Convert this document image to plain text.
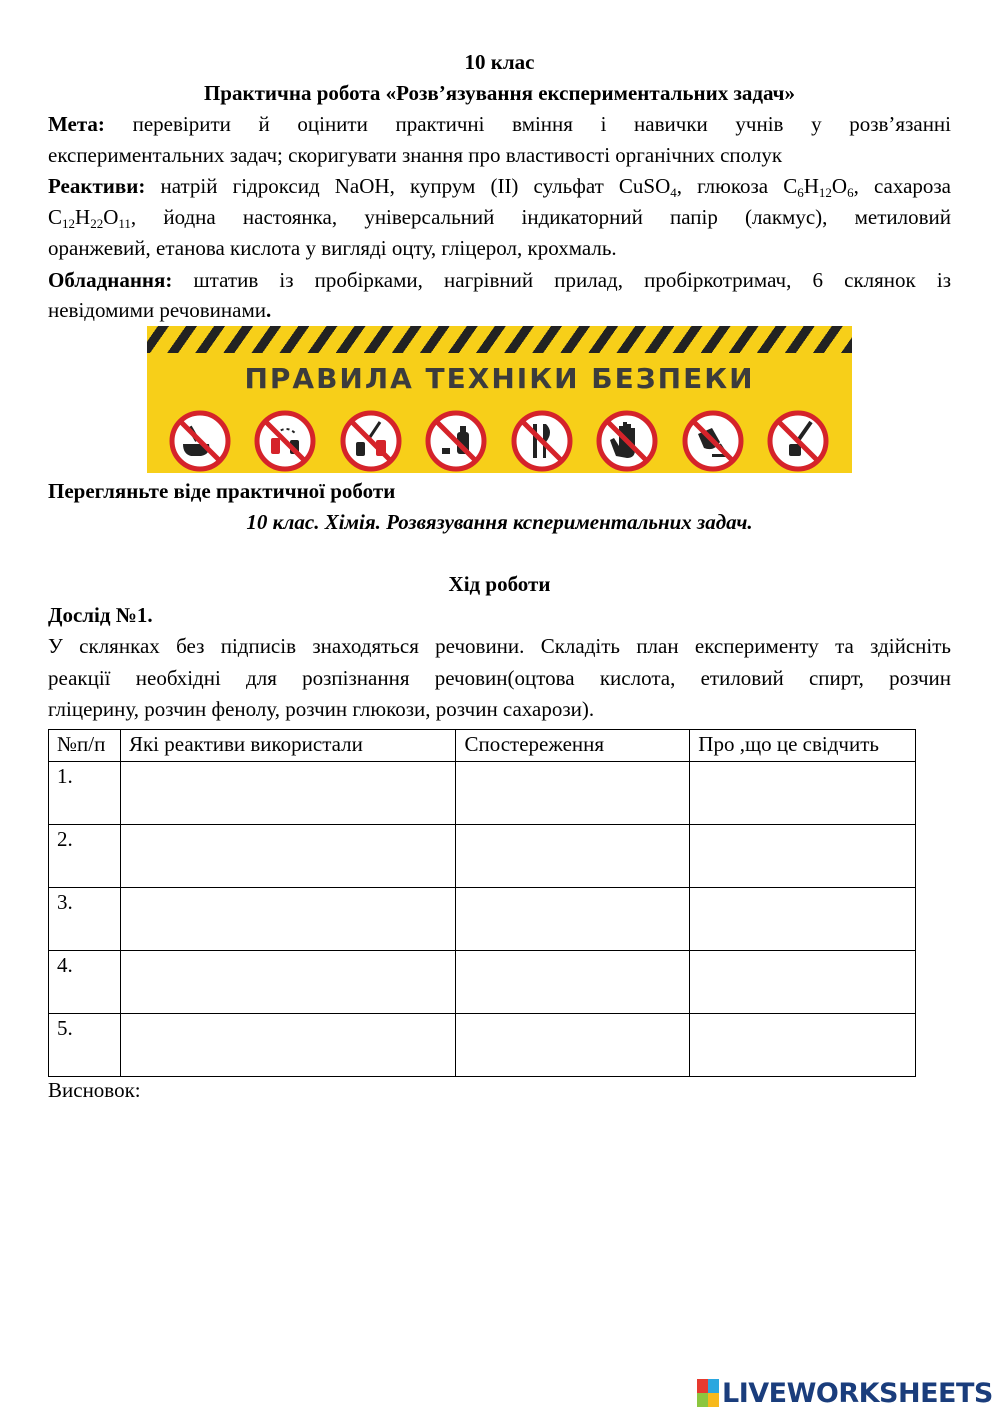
10 клас
Практична робота «Розв’язування експериментальних задач»
Мета: перевірити й оцінити практичні вміння і навички учнів у розв’язанні
експериментальних задач; скоригувати знання про властивості органічних сполук
Реактиви: натрій гідроксид NaOH, купрум (ІІ) сульфат CuSO$_4$, глюкоза $C_6H_{12}O_6$, сахароза
$C_{12}H_{22}O_{11}$, йодна настоянка, універсальний індикаторний папір (лакмус), метиловий
оранжевий, етанова кислота у вигляді оцту, гліцерол, крохмаль.
Обладнання: штатив із пробірками, нагрівний прилад, пробіркотримач, 6 склянок із
невідомими речовинами.
ПРАВИЛА ТЕХНІКИ БЕЗПЕКИ
Перегляньте віде практичної роботи
10 клас. Хімія. Розвязування кспериментальних задач.
Хід роботи
Дослід №1.
У склянках без підписів знаходяться речовини. Складіть план експерименту та здійсніть
реакції необхідні для розпізнання речовин(оцтова кислота, етиловий спирт, розчин
гліцерину, розчин фенолу, розчин глюкози, розчин сахарози).
№п/п	Які реактиви використали	Спостереження	Про ,що це свідчить
1.			
2.			
3.			
4.			
5.			
Висновок:
LIVEWORKSHEETS
